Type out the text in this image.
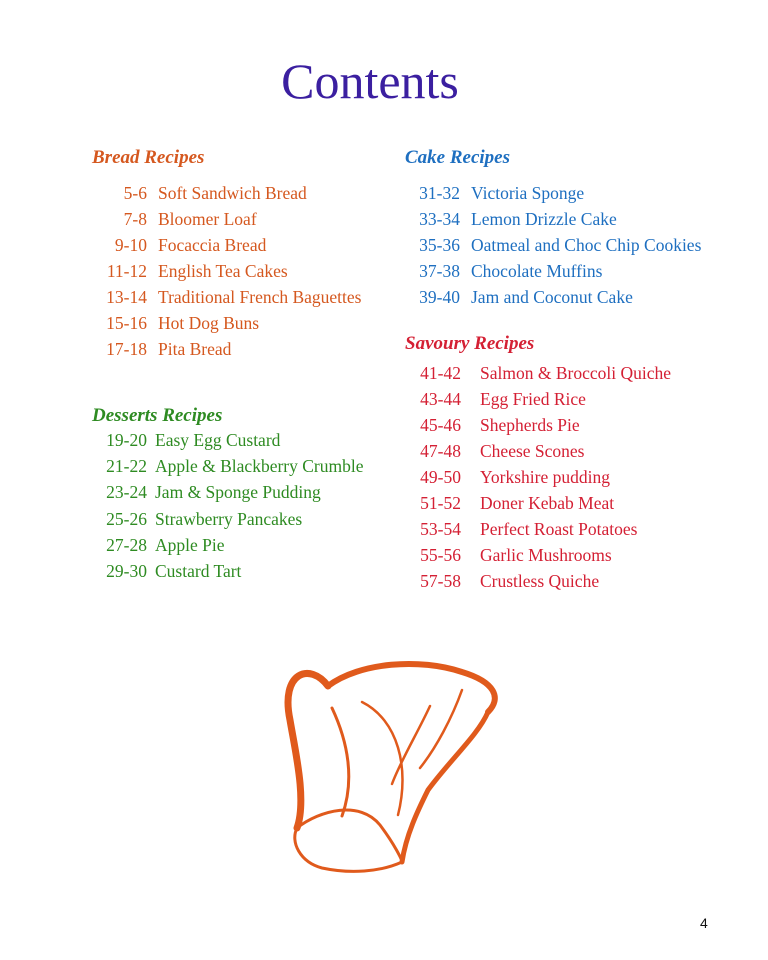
Contents
Bread Recipes
5-6 Soft Sandwich Bread
7-8 Bloomer Loaf
9-10 Focaccia Bread
11-12 English Tea Cakes
13-14 Traditional French Baguettes
15-16 Hot Dog Buns
17-18 Pita Bread
Desserts Recipes
19-20 Easy Egg Custard
21-22 Apple & Blackberry Crumble
23-24 Jam & Sponge Pudding
25-26 Strawberry Pancakes
27-28 Apple Pie
29-30 Custard Tart
Cake Recipes
31-32 Victoria Sponge
33-34 Lemon Drizzle Cake
35-36 Oatmeal and Choc Chip Cookies
37-38 Chocolate Muffins
39-40 Jam and Coconut Cake
Savoury Recipes
41-42 Salmon & Broccoli Quiche
43-44 Egg Fried Rice
45-46 Shepherds Pie
47-48 Cheese Scones
49-50 Yorkshire pudding
51-52 Doner Kebab Meat
53-54 Perfect Roast Potatoes
55-56 Garlic Mushrooms
57-58 Crustless Quiche
4
